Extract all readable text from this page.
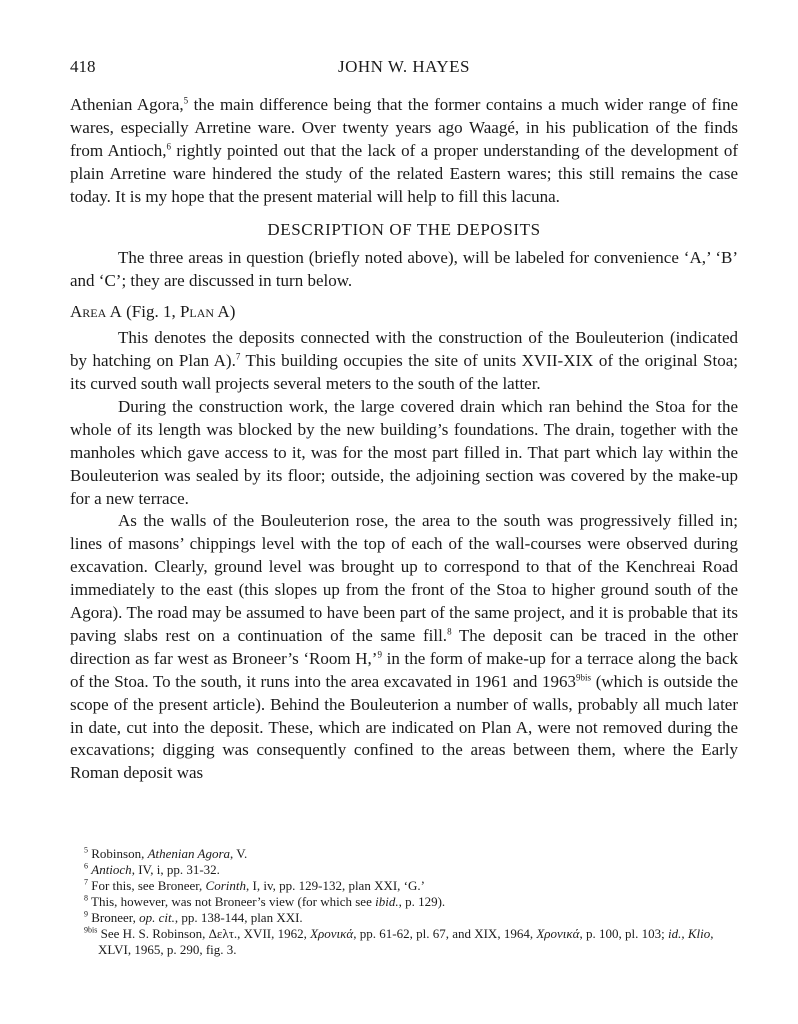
418	JOHN W. HAYES

Athenian Agora,$^5$ the main difference being that the former contains a much wider range of fine wares, especially Arretine ware. Over twenty years ago Waagé, in his publication of the finds from Antioch,$^6$ rightly pointed out that the lack of a proper understanding of the development of plain Arretine ware hindered the study of the related Eastern wares; this still remains the case today. It is my hope that the present material will help to fill this lacuna.

DESCRIPTION OF THE DEPOSITS

The three areas in question (briefly noted above), will be labeled for convenience ‘A,’ ‘B’ and ‘C’; they are discussed in turn below.

Area A (Fig. 1, Plan A)

This denotes the deposits connected with the construction of the Bouleuterion (indicated by hatching on Plan A).$^7$ This building occupies the site of units XVII-XIX of the original Stoa; its curved south wall projects several meters to the south of the latter.

During the construction work, the large covered drain which ran behind the Stoa for the whole of its length was blocked by the new building’s foundations. The drain, together with the manholes which gave access to it, was for the most part filled in. That part which lay within the Bouleuterion was sealed by its floor; outside, the adjoining section was covered by the make-up for a new terrace.

As the walls of the Bouleuterion rose, the area to the south was progressively filled in; lines of masons’ chippings level with the top of each of the wall-courses were observed during excavation. Clearly, ground level was brought up to correspond to that of the Kenchreai Road immediately to the east (this slopes up from the front of the Stoa to higher ground south of the Agora). The road may be assumed to have been part of the same project, and it is probable that its paving slabs rest on a continuation of the same fill.$^8$ The deposit can be traced in the other direction as far west as Broneer’s ‘Room H,’$^9$ in the form of make-up for a terrace along the back of the Stoa. To the south, it runs into the area excavated in 1961 and $1963^{9bis}$ (which is outside the scope of the present article). Behind the Bouleuterion a number of walls, probably all much later in date, cut into the deposit. These, which are indicated on Plan A, were not removed during the excavations; digging was consequently confined to the areas between them, where the Early Roman deposit was

$^5$ Robinson, Athenian Agora, V.

$^6$ Antioch, IV, i, pp. 31-32.

$^7$ For this, see Broneer, Corinth, I, iv, pp. 129-132, plan XXI, ‘G.’

$^8$ This, however, was not Broneer’s view (for which see ibid., p. 129).

$^9$ Broneer, op. cit., pp. 138-144, plan XXI.

$^{9bis}$ See H. S. Robinson, Δελτ., XVII, 1962, Χρονικά, pp. 61-62, pl. 67, and XIX, 1964, Χρονικά, p. 100, pl. 103; id., Klio, XLVI, 1965, p. 290, fig. 3.
